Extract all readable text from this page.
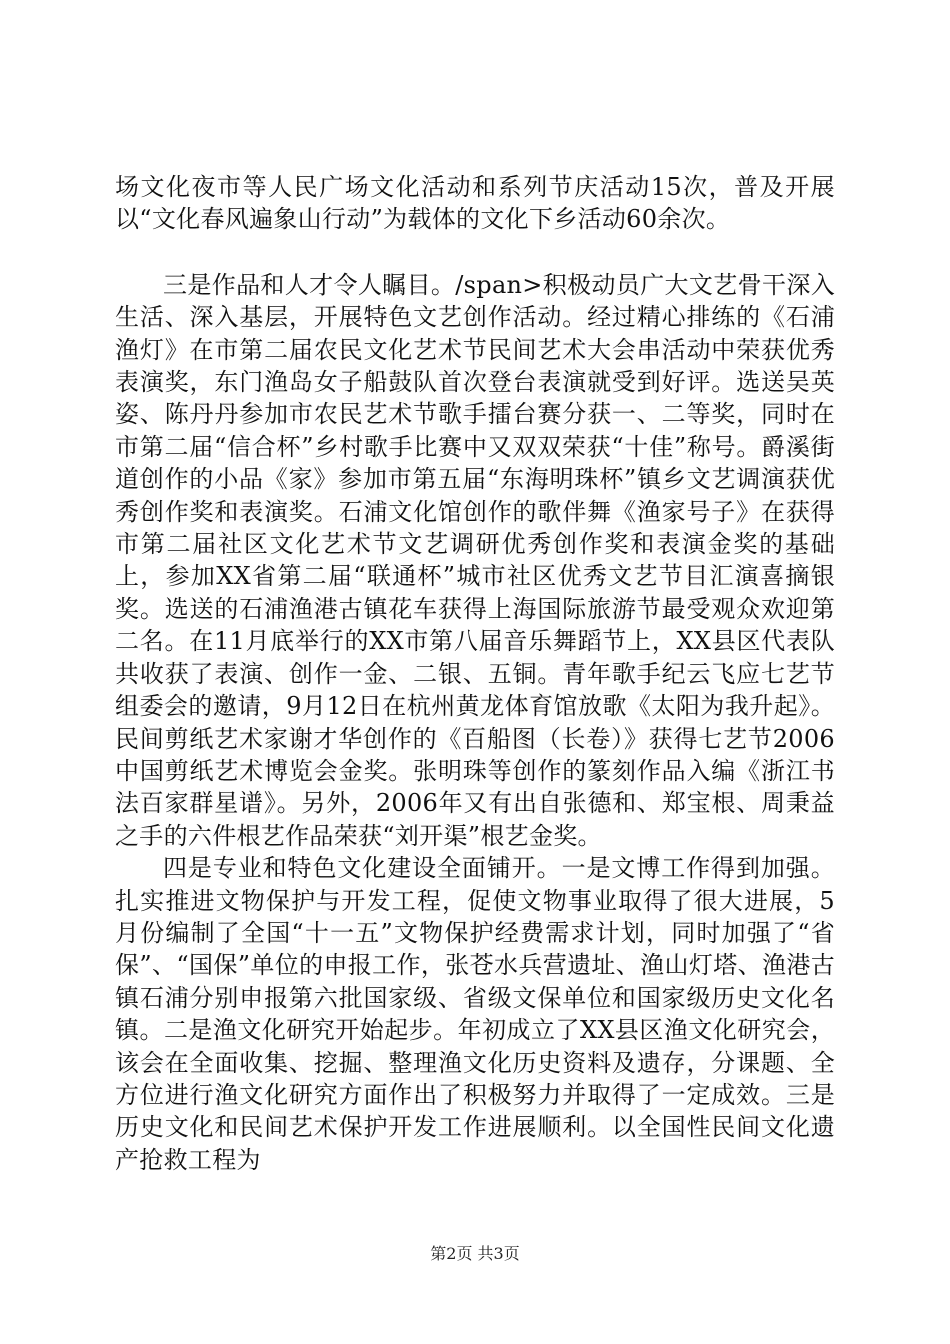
场文化夜市等人民广场文化活动和系列节庆活动15次，普及开展以“文化春风遍象山行动”为载体的文化下乡活动60余次。

三是作品和人才令人瞩目。/span>积极动员广大文艺骨干深入生活、深入基层，开展特色文艺创作活动。经过精心排练的《石浦渔灯》在市第二届农民文化艺术节民间艺术大会串活动中荣获优秀表演奖，东门渔岛女子船鼓队首次登台表演就受到好评。选送吴英姿、陈丹丹参加市农民艺术节歌手擂台赛分获一、二等奖，同时在市第二届“信合杯”乡村歌手比赛中又双双荣获“十佳”称号。爵溪街道创作的小品《家》参加市第五届“东海明珠杯”镇乡文艺调演获优秀创作奖和表演奖。石浦文化馆创作的歌伴舞《渔家号子》在获得市第二届社区文化艺术节文艺调研优秀创作奖和表演金奖的基础上，参加XX省第二届“联通杯”城市社区优秀文艺节目汇演喜摘银奖。选送的石浦渔港古镇花车获得上海国际旅游节最受观众欢迎第二名。在11月底举行的XX市第八届音乐舞蹈节上，XX县区代表队共收获了表演、创作一金、二银、五铜。青年歌手纪云飞应七艺节组委会的邀请，9月12日在杭州黄龙体育馆放歌《太阳为我升起》。民间剪纸艺术家谢才华创作的《百船图（长卷）》获得七艺节2006中国剪纸艺术博览会金奖。张明珠等创作的篆刻作品入编《浙江书法百家群星谱》。另外，2006年又有出自张德和、郑宝根、周秉益之手的六件根艺作品荣获“刘开渠”根艺金奖。

四是专业和特色文化建设全面铺开。一是文博工作得到加强。扎实推进文物保护与开发工程，促使文物事业取得了很大进展，5月份编制了全国“十一五”文物保护经费需求计划，同时加强了“省保”、“国保”单位的申报工作，张苍水兵营遗址、渔山灯塔、渔港古镇石浦分别申报第六批国家级、省级文保单位和国家级历史文化名镇。二是渔文化研究开始起步。年初成立了XX县区渔文化研究会，该会在全面收集、挖掘、整理渔文化历史资料及遗存，分课题、全方位进行渔文化研究方面作出了积极努力并取得了一定成效。三是历史文化和民间艺术保护开发工作进展顺利。以全国性民间文化遗产抢救工程为

第2页 共3页
